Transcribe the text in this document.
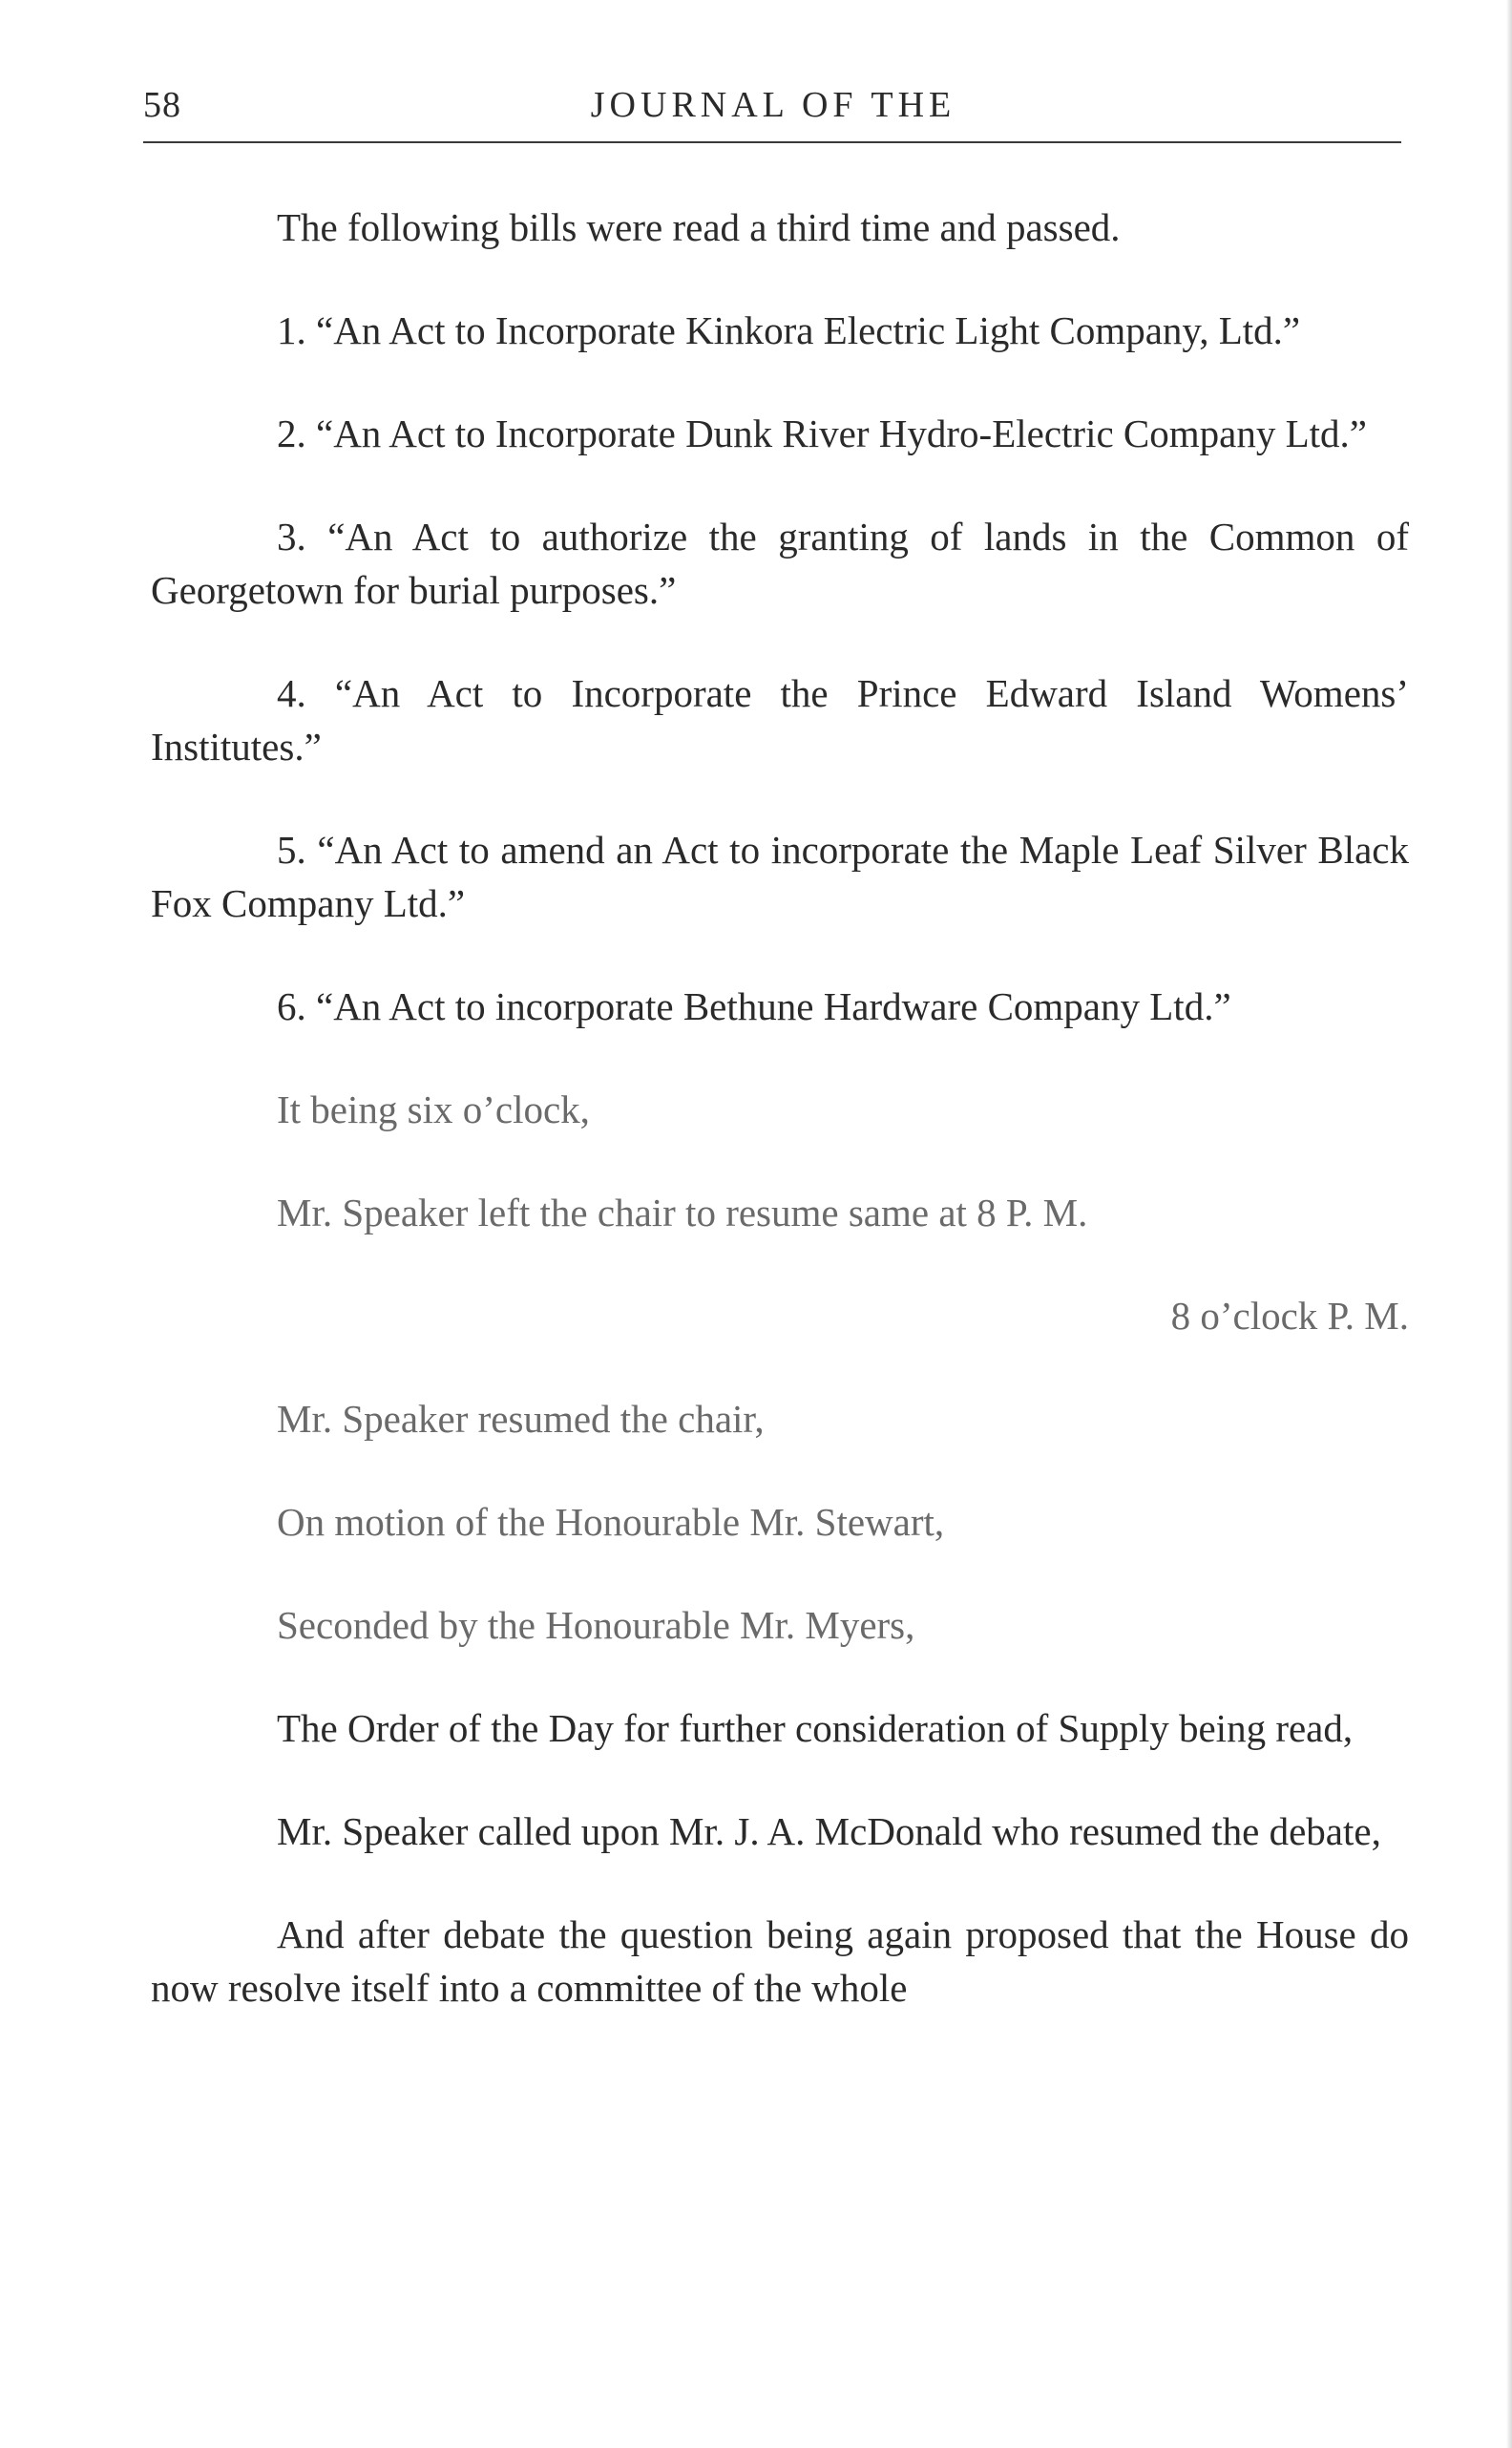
58	JOURNAL OF THE

The following bills were read a third time and passed.

1. “An Act to Incorporate Kinkora Electric Light Company, Ltd.”

2. “An Act to Incorporate Dunk River Hydro-Electric Company Ltd.”

3. “An Act to authorize the granting of lands in the Common of Georgetown for burial purposes.”

4. “An Act to Incorporate the Prince Edward Island Womens’ Institutes.”

5. “An Act to amend an Act to incorporate the Maple Leaf Silver Black Fox Company Ltd.”

6. “An Act to incorporate Bethune Hardware Company Ltd.”

It being six o’clock,

Mr. Speaker left the chair to resume same at 8 P. M.

8 o’clock P. M.

Mr. Speaker resumed the chair,

On motion of the Honourable Mr. Stewart,

Seconded by the Honourable Mr. Myers,

The Order of the Day for further consideration of Supply being read,

Mr. Speaker called upon Mr. J. A. McDonald who resumed the debate,

And after debate the question being again proposed that the House do now resolve itself into a committee of the whole
